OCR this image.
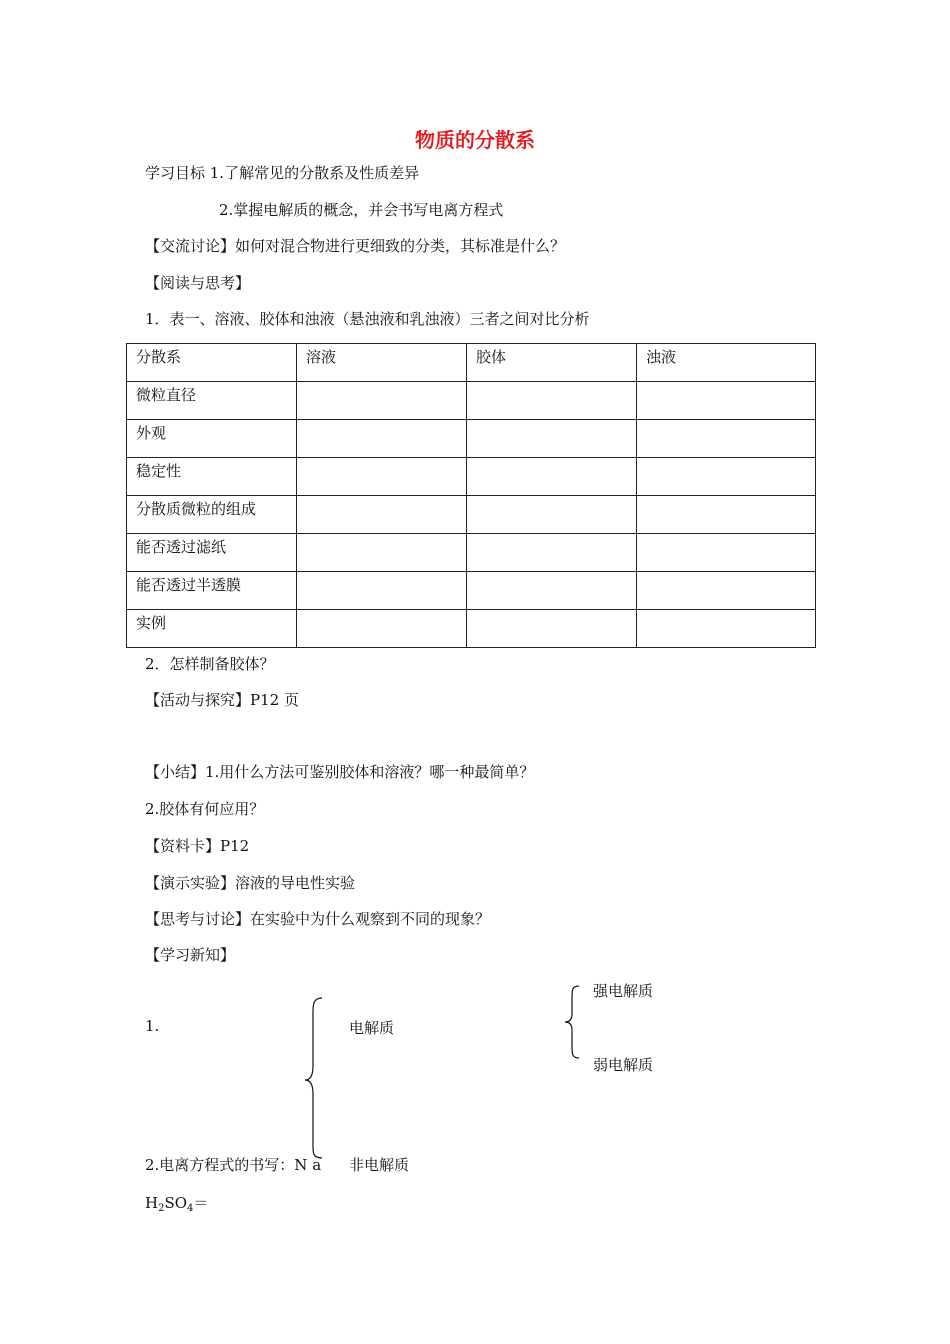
物质的分散系
学习目标 1.了解常见的分散系及性质差异
2.掌握电解质的概念，并会书写电离方程式
【交流讨论】如何对混合物进行更细致的分类，其标准是什么？
【阅读与思考】
1．表一、溶液、胶体和浊液（悬浊液和乳浊液）三者之间对比分析
分散系	溶液	胶体	浊液
微粒直径			
外观			
稳定性			
分散质微粒的组成			
能否透过滤纸			
能否透过半透膜			
实例			
2．怎样制备胶体？
【活动与探究】P12 页
【小结】1.用什么方法可鉴别胶体和溶液？哪一种最简单？
2.胶体有何应用？
【资料卡】P12
【演示实验】溶液的导电性实验
【思考与讨论】在实验中为什么观察到不同的现象？
【学习新知】
1.	电解质
强电解质
弱电解质
2.电离方程式的书写：N a 非电解质
$H_2SO_4=$
